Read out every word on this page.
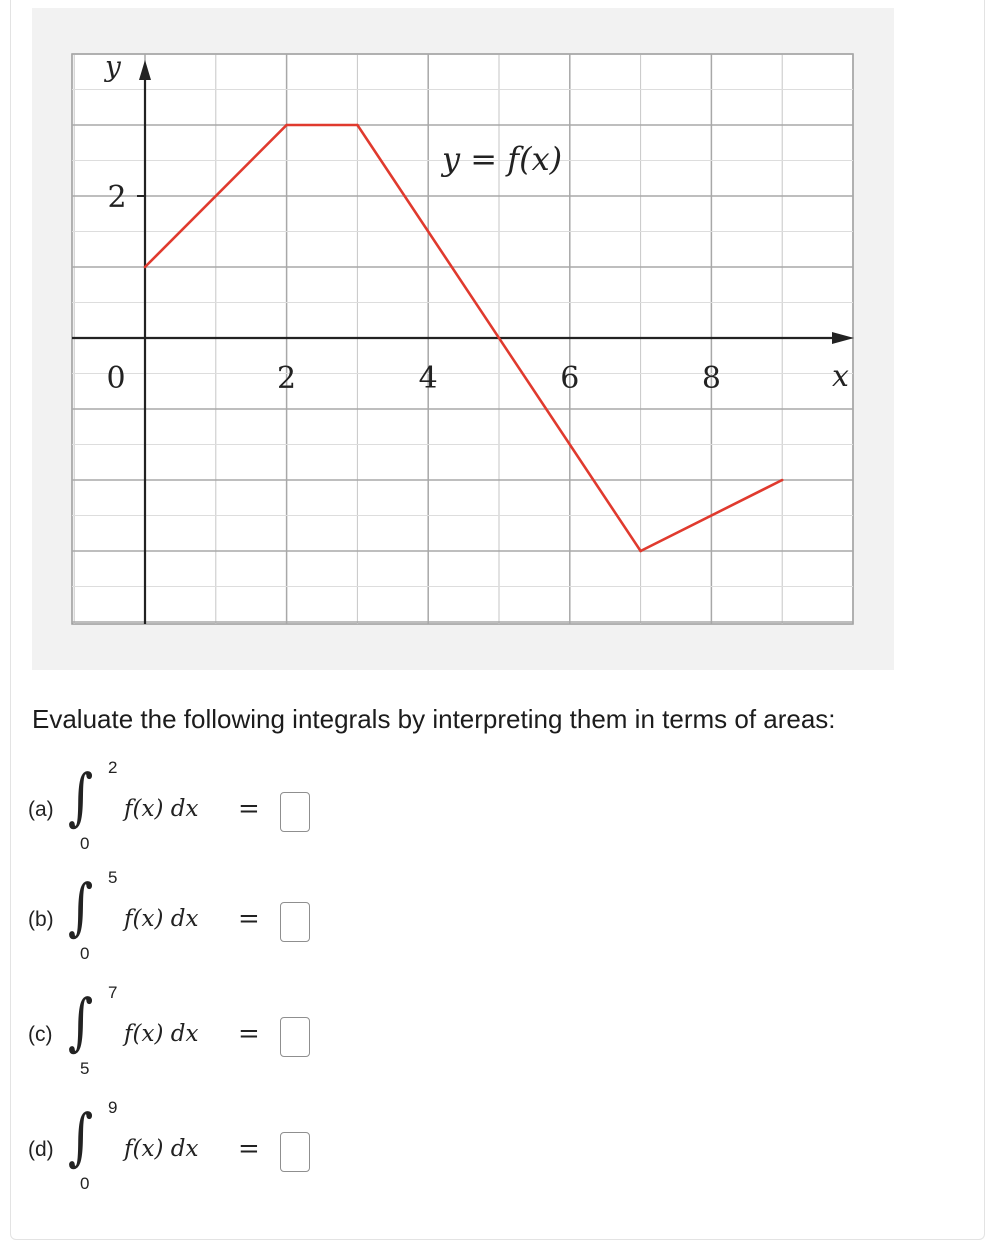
0	2	4	6	8
2
x
y
y = f(x)
Evaluate the following integrals by interpreting them in terms of areas:
(a) ∫ 2
0
f(x) dx =
(b) ∫ 5
0
f(x) dx =
(c) ∫ 7
5
f(x) dx =
(d) ∫ 9
0
f(x) dx =
